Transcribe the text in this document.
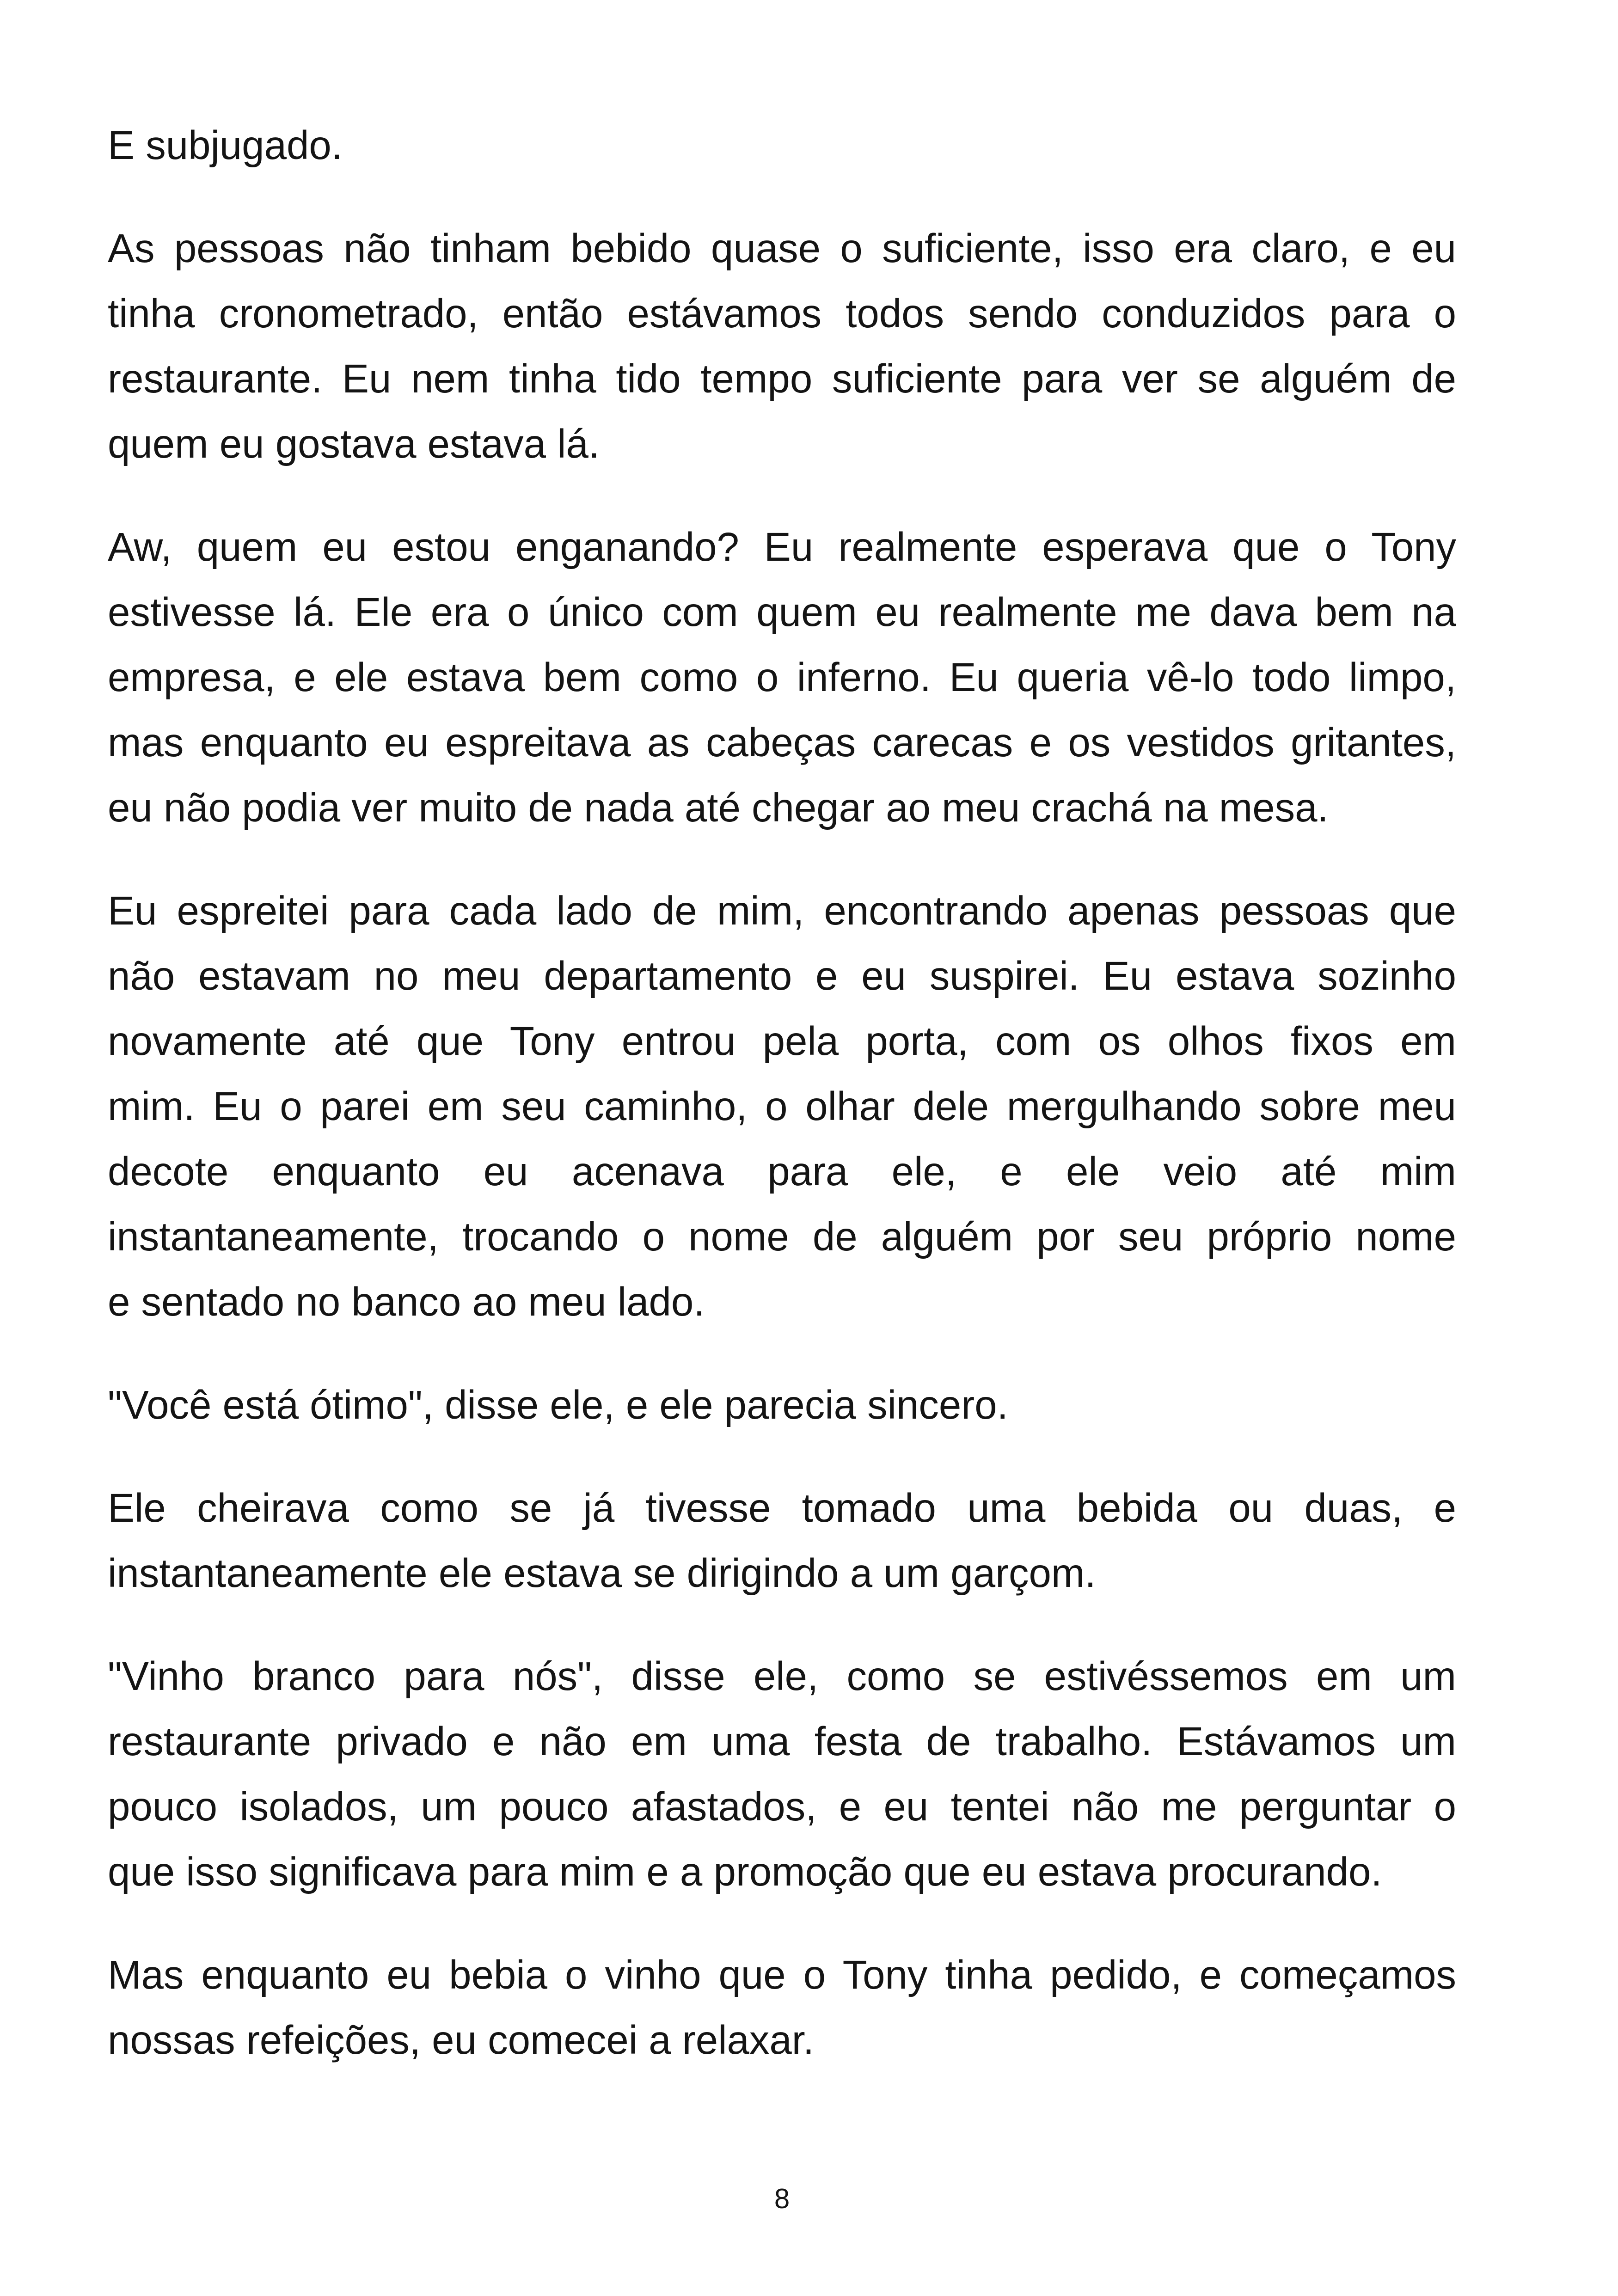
E subjugado.
As pessoas não tinham bebido quase o suficiente, isso era claro, e eu
tinha cronometrado, então estávamos todos sendo conduzidos para o
restaurante. Eu nem tinha tido tempo suficiente para ver se alguém de
quem eu gostava estava lá.
Aw, quem eu estou enganando? Eu realmente esperava que o Tony
estivesse lá. Ele era o único com quem eu realmente me dava bem na
empresa, e ele estava bem como o inferno. Eu queria vê-lo todo limpo,
mas enquanto eu espreitava as cabeças carecas e os vestidos gritantes,
eu não podia ver muito de nada até chegar ao meu crachá na mesa.
Eu espreitei para cada lado de mim, encontrando apenas pessoas que
não estavam no meu departamento e eu suspirei. Eu estava sozinho
novamente até que Tony entrou pela porta, com os olhos fixos em
mim. Eu o parei em seu caminho, o olhar dele mergulhando sobre meu
decote enquanto eu acenava para ele, e ele veio até mim
instantaneamente, trocando o nome de alguém por seu próprio nome
e sentado no banco ao meu lado.
"Você está ótimo", disse ele, e ele parecia sincero.
Ele cheirava como se já tivesse tomado uma bebida ou duas, e
instantaneamente ele estava se dirigindo a um garçom.
"Vinho branco para nós", disse ele, como se estivéssemos em um
restaurante privado e não em uma festa de trabalho. Estávamos um
pouco isolados, um pouco afastados, e eu tentei não me perguntar o
que isso significava para mim e a promoção que eu estava procurando.
Mas enquanto eu bebia o vinho que o Tony tinha pedido, e começamos
nossas refeições, eu comecei a relaxar.
8
